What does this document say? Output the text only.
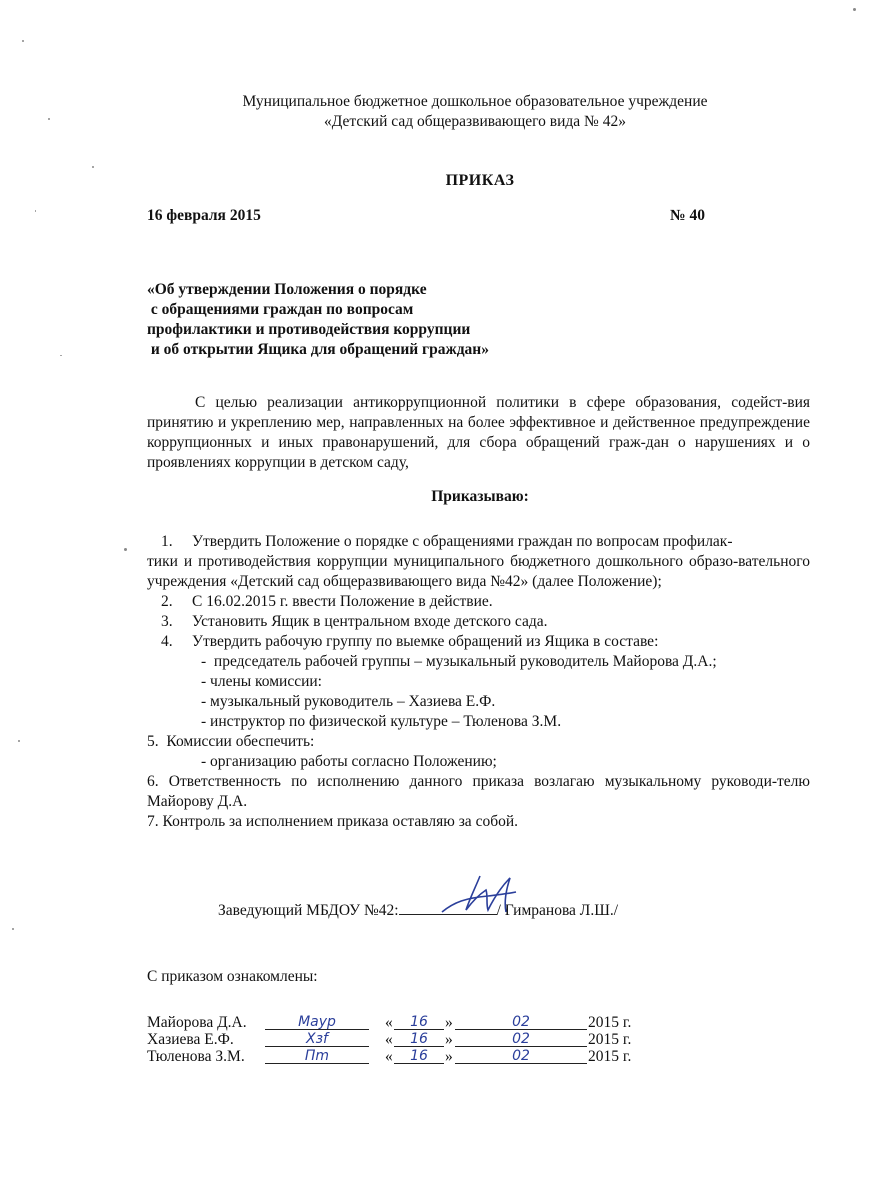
Муниципальное бюджетное дошкольное образовательное учреждение
«Детский сад общеразвивающего вида № 42»
ПРИКАЗ
16 февраля 2015	№ 40
«Об утверждении Положения о порядке
с обращениями граждан по вопросам
профилактики и противодействия коррупции
и об открытии Ящика для обращений граждан»
С целью реализации антикоррупционной политики в сфере образования, содейст-вия принятию и укреплению мер, направленных на более эффективное и действенное предупреждение коррупционных и иных правонарушений, для сбора обращений граж-дан о нарушениях и о проявлениях коррупции в детском саду,
Приказываю:
1. Утвердить Положение о порядке с обращениями граждан по вопросам профилак-
тики и противодействия коррупции муниципального бюджетного дошкольного образо-вательного учреждения «Детский сад общеразвивающего вида №42» (далее Положение);
2. С 16.02.2015 г. ввести Положение в действие.
3. Установить Ящик в центральном входе детского сада.
4. Утвердить рабочую группу по выемке обращений из Ящика в составе:
-  председатель рабочей группы – музыкальный руководитель Майорова Д.А.;
- члены комиссии:
- музыкальный руководитель – Хазиева Е.Ф.
- инструктор по физической культуре – Тюленова З.М.
5.  Комиссии обеспечить:
- организацию работы согласно Положению;
6. Ответственность по исполнению данного приказа возлагаю музыкальному руководи-телю Майорову Д.А.
7. Контроль за исполнением приказа оставляю за собой.
Заведующий МБДОУ №42:	/ Гимранова Л.Ш./
С приказом ознакомлены:
Майорова Д.А.	Маур	«	16	»	02	2015 г.
Хазиева Е.Ф.	Хзf	«	16	»	02	2015 г.
Тюленова З.М.	Пm	«	16	»	02	2015 г.
